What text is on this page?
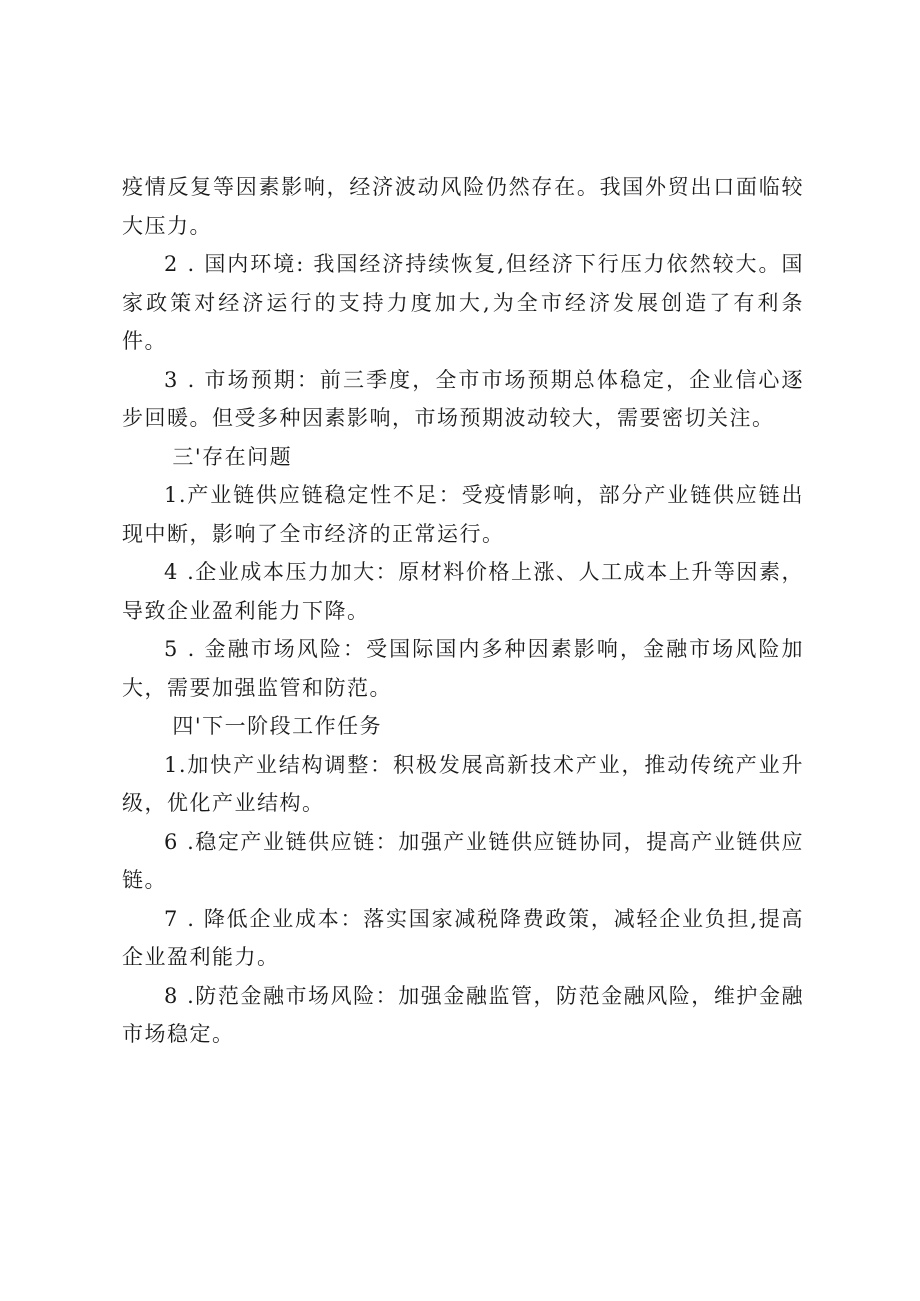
疫情反复等因素影响，经济波动风险仍然存在。我国外贸出口面临较大压力。

2 . 国内环境: 我国经济持续恢复,但经济下行压力依然较大。国家政策对经济运行的支持力度加大,为全市经济发展创造了有利条件。

3 . 市场预期：前三季度，全市市场预期总体稳定，企业信心逐步回暖。但受多种因素影响，市场预期波动较大，需要密切关注。

三'存在问题

1.产业链供应链稳定性不足：受疫情影响，部分产业链供应链出现中断，影响了全市经济的正常运行。

4 .企业成本压力加大：原材料价格上涨、人工成本上升等因素，导致企业盈利能力下降。

5 . 金融市场风险：受国际国内多种因素影响，金融市场风险加大，需要加强监管和防范。

四'下一阶段工作任务

1.加快产业结构调整：积极发展高新技术产业，推动传统产业升级，优化产业结构。

6 .稳定产业链供应链：加强产业链供应链协同，提高产业链供应链。

7 . 降低企业成本：落实国家减税降费政策，减轻企业负担,提高企业盈利能力。

8 .防范金融市场风险：加强金融监管，防范金融风险，维护金融市场稳定。
